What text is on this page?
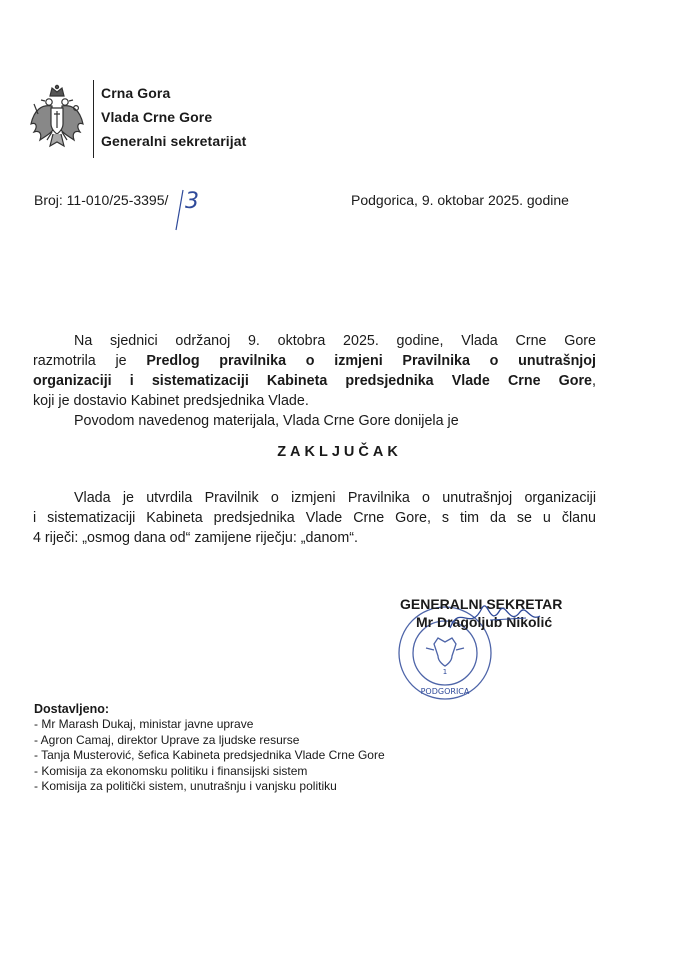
Crna Gora
Vlada Crne Gore
Generalni sekretarijat
Broj: 11-010/25-3395/ 3	Podgorica, 9. oktobar 2025. godine
Na sjednici održanoj 9. oktobra 2025. godine, Vlada Crne Gore
razmotrila je Predlog pravilnika o izmjeni Pravilnika o unutrašnjoj
organizaciji i sistematizaciji Kabineta predsjednika Vlade Crne Gore,
koji je dostavio Kabinet predsjednika Vlade.
Povodom navedenog materijala, Vlada Crne Gore donijela je
ZAKLJUČAK
Vlada je utvrdila Pravilnik o izmjeni Pravilnika o unutrašnjoj organizaciji
i sistematizaciji Kabineta predsjednika Vlade Crne Gore, s tim da se u članu
4 riječi: „osmog dana od“ zamijene riječju: „danom“.
1
PODGORICA
GENERALNI SEKRETAR
Mr Dragoljub Nikolić
Dostavljeno:
- Mr Marash Dukaj, ministar javne uprave
- Agron Camaj, direktor Uprave za ljudske resurse
- Tanja Musterović, šefica Kabineta predsjednika Vlade Crne Gore
- Komisija za ekonomsku politiku i finansijski sistem
- Komisija za politički sistem, unutrašnju i vanjsku politiku
